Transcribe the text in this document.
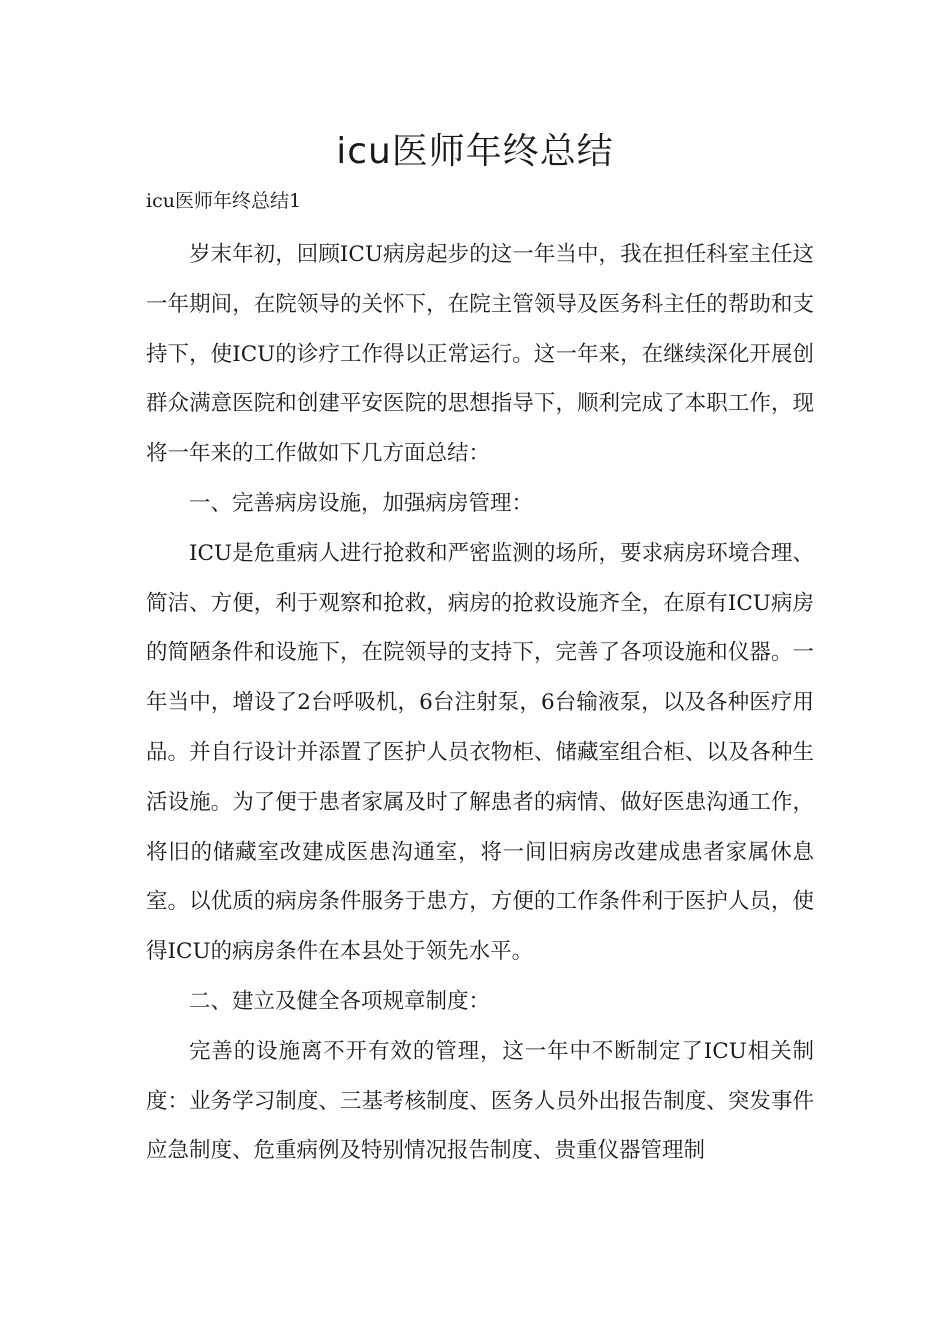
icu医师年终总结
icu医师年终总结1

岁末年初，回顾ICU病房起步的这一年当中，我在担任科室主任这一年期间，在院领导的关怀下，在院主管领导及医务科主任的帮助和支持下，使ICU的诊疗工作得以正常运行。这一年来，在继续深化开展创群众满意医院和创建平安医院的思想指导下，顺利完成了本职工作，现将一年来的工作做如下几方面总结：

一、完善病房设施，加强病房管理：

ICU是危重病人进行抢救和严密监测的场所，要求病房环境合理、简洁、方便，利于观察和抢救，病房的抢救设施齐全，在原有ICU病房的简陋条件和设施下，在院领导的支持下，完善了各项设施和仪器。一年当中，增设了2台呼吸机，6台注射泵，6台输液泵，以及各种医疗用品。并自行设计并添置了医护人员衣物柜、储藏室组合柜、以及各种生活设施。为了便于患者家属及时了解患者的病情、做好医患沟通工作，将旧的储藏室改建成医患沟通室，将一间旧病房改建成患者家属休息室。以优质的病房条件服务于患方，方便的工作条件利于医护人员，使得ICU的病房条件在本县处于领先水平。

二、建立及健全各项规章制度：

完善的设施离不开有效的管理，这一年中不断制定了ICU相关制度：业务学习制度、三基考核制度、医务人员外出报告制度、突发事件应急制度、危重病例及特别情况报告制度、贵重仪器管理制
